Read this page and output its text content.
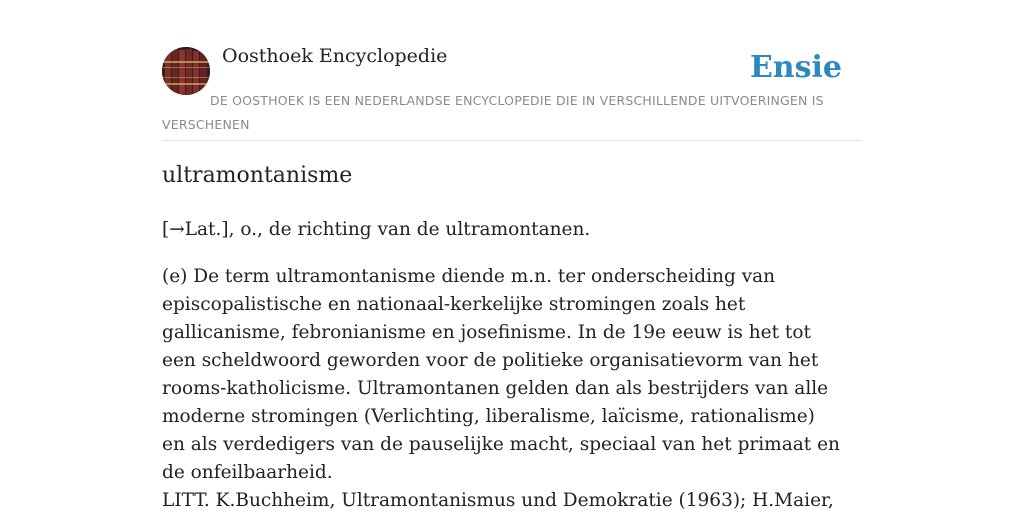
Oosthoek Encyclopedie	Ensie
DE OOSTHOEK IS EEN NEDERLANDSE ENCYCLOPEDIE DIE IN VERSCHILLENDE UITVOERINGEN IS VERSCHENEN
ultramontanisme

[→Lat.], o., de richting van de ultramontanen.

(e) De term ultramontanisme diende m.n. ter onderscheiding van episcopalistische en nationaal-kerkelijke stromingen zoals het gallicanisme, febronianisme en josefinisme. In de 19e eeuw is het tot een scheldwoord geworden voor de politieke organisatievorm van het rooms-katholicisme. Ultramontanen gelden dan als bestrijders van alle moderne stromingen (Verlichting, liberalisme, laïcisme, rationalisme) en als verdedigers van de pauselijke macht, speciaal van het primaat en de onfeilbaarheid.

LITT. K.Buchheim, Ultramontanismus und Demokratie (1963); H.Maier,
